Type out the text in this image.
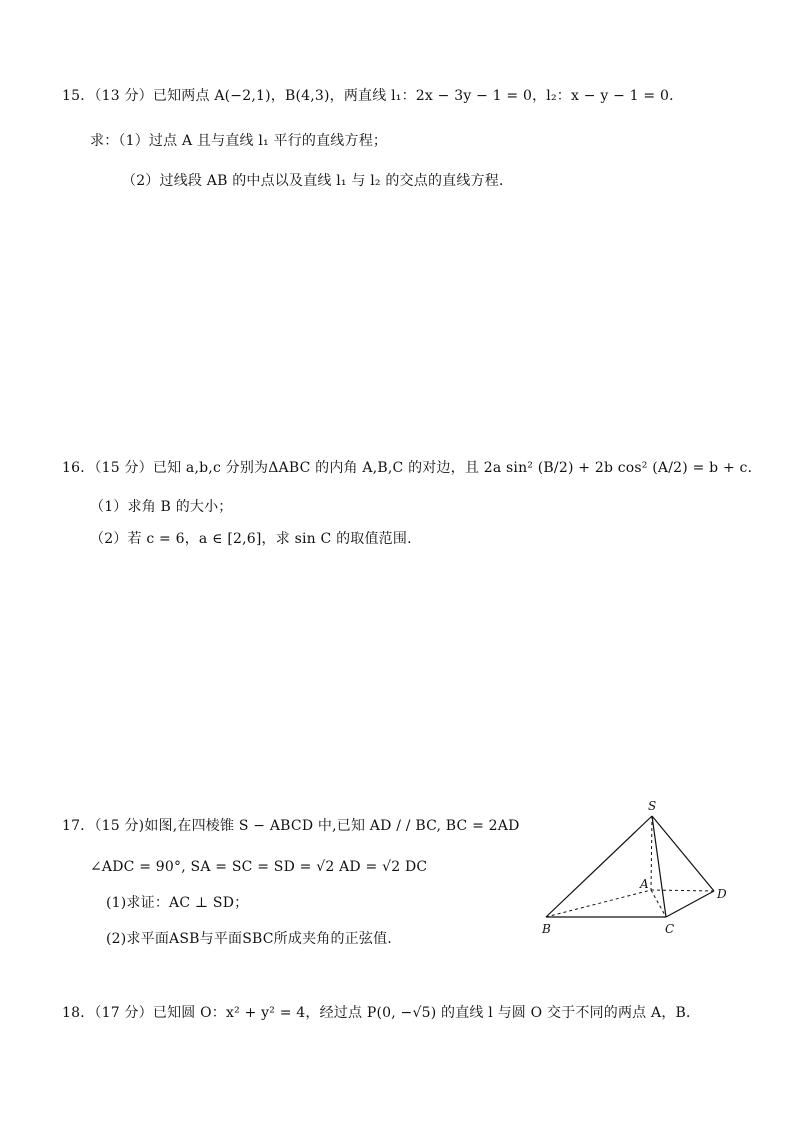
15．（13 分）已知两点 A(−2,1)，B(4,3)，两直线 l₁：2x − 3y − 1 = 0，l₂：x − y − 1 = 0．
求：（1）过点 A 且与直线 l₁ 平行的直线方程；
（2）过线段 AB 的中点以及直线 l₁ 与 l₂ 的交点的直线方程．
16．（15 分）已知 a,b,c 分别为ΔABC 的内角 A,B,C 的对边，且 2a sin² (B/2) + 2b cos² (A/2) = b + c．
（1）求角 B 的大小；
（2）若 c = 6，a ∈ [2,6]，求 sin C 的取值范围.
17．（15 分)如图,在四棱锥 S − ABCD 中,已知 AD / / BC, BC = 2AD
∠ADC = 90°, SA = SC = SD = √2 AD = √2 DC
(1)求证：AC ⊥ SD；
(2)求平面ASB与平面SBC所成夹角的正弦值.
S
A
B	C
D
18．（17 分）已知圆 O：x² + y² = 4，经过点 P(0, −√5) 的直线 l 与圆 O 交于不同的两点 A，B．
